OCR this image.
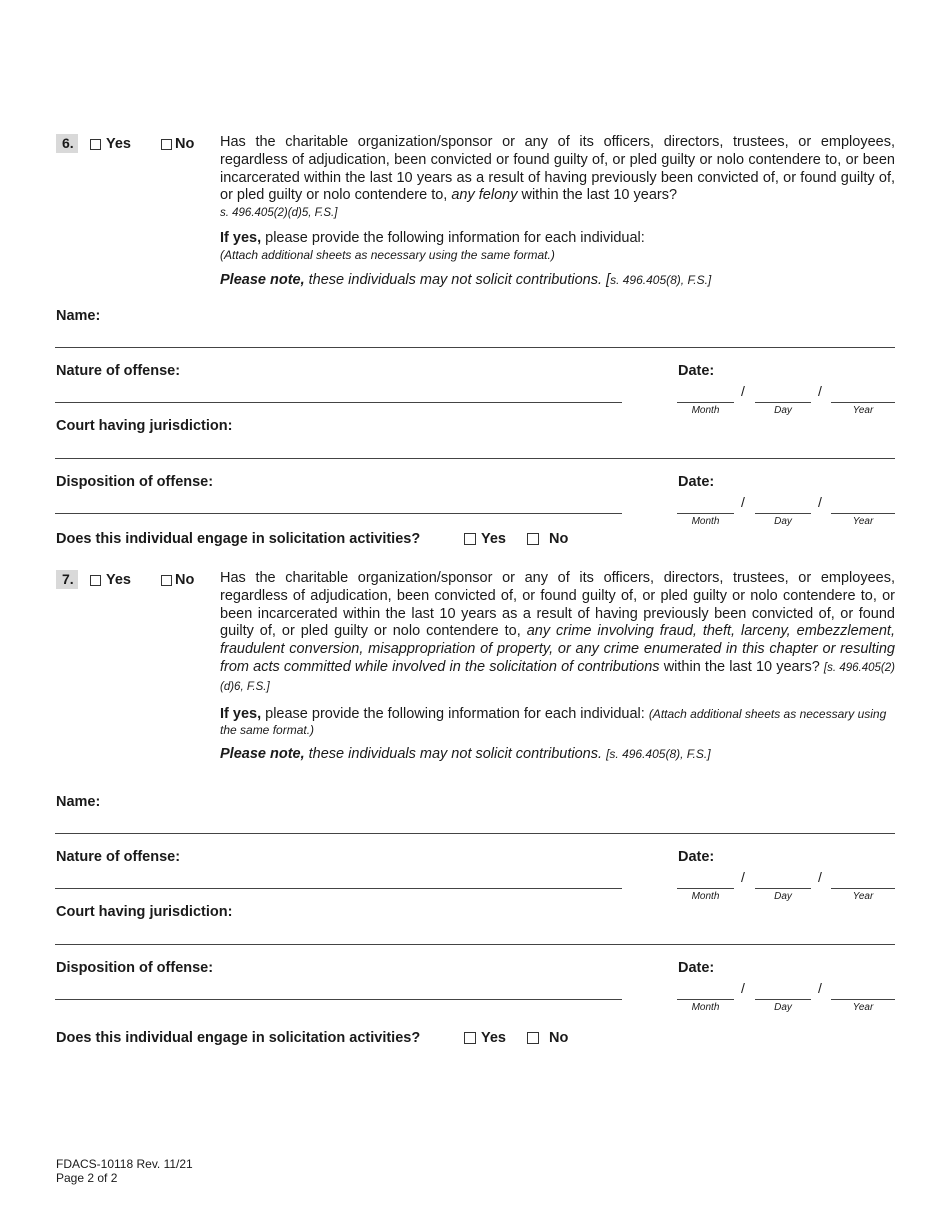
6. Yes	No Has the charitable organization/sponsor or any of its officers, directors, trustees, or employees, regardless of adjudication, been convicted or found guilty of, or pled guilty or nolo contendere to, or been incarcerated within the last 10 years as a result of having previously been convicted of, or found guilty of, or pled guilty or nolo contendere to, any felony within the last 10 years?
s. 496.405(2)(d)5, F.S.]
If yes, please provide the following information for each individual:
(Attach additional sheets as necessary using the same format.)
Please note, these individuals may not solicit contributions. [s. 496.405(8), F.S.]
Name:
Nature of offense:	Date:
/	/
Month	Day	Year
Court having jurisdiction:
Disposition of offense:	Date:
/	/
Month	Day	Year
Does this individual engage in solicitation activities?	Yes	No
7. Yes	No Has the charitable organization/sponsor or any of its officers, directors, trustees, or employees, regardless of adjudication, been convicted of, or found guilty of, or pled guilty or nolo contendere to, or been incarcerated within the last 10 years as a result of having previously been convicted of, or found guilty of, or pled guilty or nolo contendere to, any crime involving fraud, theft, larceny, embezzlement, fraudulent conversion, misappropriation of property, or any crime enumerated in this chapter or resulting from acts committed while involved in the solicitation of contributions within the last 10 years? [s. 496.405(2)(d)6, F.S.]
If yes, please provide the following information for each individual: (Attach additional sheets as necessary using the same format.)
Please note, these individuals may not solicit contributions. [s. 496.405(8), F.S.]
Name:
Nature of offense:	Date:
/	/
Month	Day	Year
Court having jurisdiction:
Disposition of offense:	Date:
/	/
Month	Day	Year
Does this individual engage in solicitation activities?	Yes	No
FDACS-10118 Rev. 11/21
Page 2 of 2
